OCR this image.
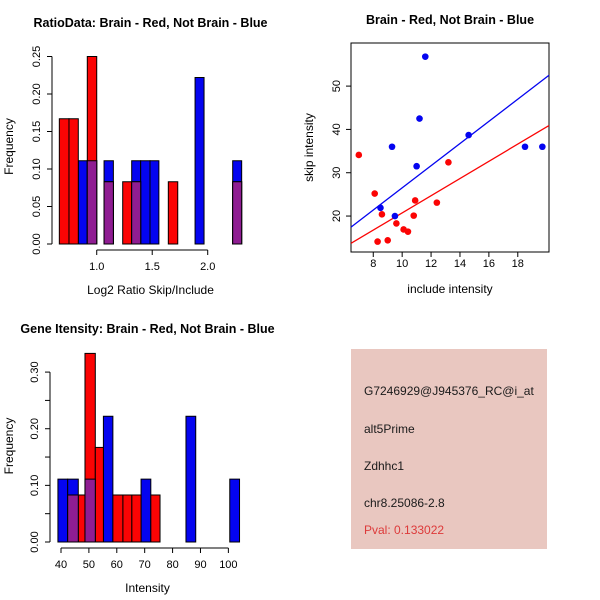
0.00
0.05
0.10
0.15
0.20
0.25
1.0	1.5	2.0
Log2 Ratio Skip/Include
Frequency
RatioData: Brain - Red, Not Brain - Blue
8 10 12 14 16 18
20
30
40
50
include intensity
skip intensity
Brain - Red, Not Brain - Blue
0.00
0.10
0.20
0.30
40 50 60 70 80 90 100
Intensity
Frequency
Gene Itensity: Brain - Red, Not Brain - Blue
G7246929@J945376_RC@i_at
alt5Prime
Zdhhc1
chr8.25086-2.8
Pval: 0.133022
